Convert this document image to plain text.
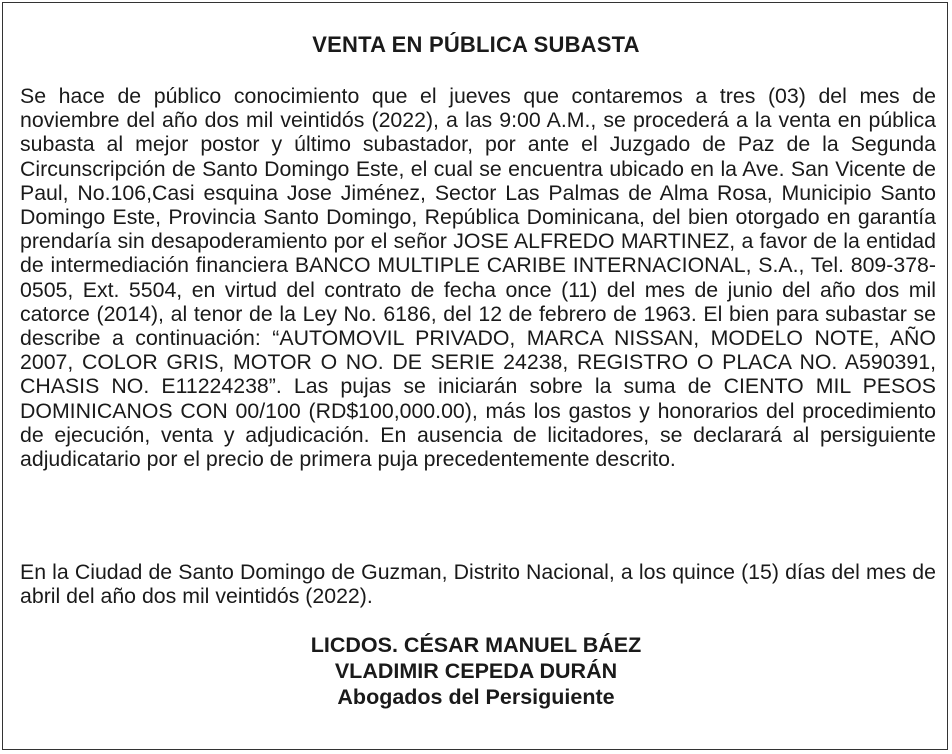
VENTA EN PÚBLICA SUBASTA

Se hace de público conocimiento que el jueves que contaremos a tres (03) del mes de noviembre del año dos mil veintidós (2022), a las 9:00 A.M., se procederá a la venta en pública subasta al mejor postor y último subastador, por ante el Juzgado de Paz de la Segunda Circunscripción de Santo Domingo Este, el cual se encuentra ubicado en la Ave. San Vicente de Paul, No.106,Casi esquina Jose Jiménez, Sector Las Palmas de Alma Rosa, Municipio Santo Domingo Este, Provincia Santo Domingo, República Dominicana, del bien otorgado en garantía prendaría sin desapoderamiento por el señor JOSE ALFREDO MARTINEZ, a favor de la entidad de intermediación financiera BANCO MULTIPLE CARIBE INTERNACIONAL, S.A., Tel. 809-378-0505, Ext. 5504, en virtud del contrato de fecha once (11) del mes de junio del año dos mil catorce (2014), al tenor de la Ley No. 6186, del 12 de febrero de 1963. El bien para subastar se describe a continuación: “AUTOMOVIL PRIVADO, MARCA NISSAN, MODELO NOTE, AÑO 2007, COLOR GRIS, MOTOR O NO. DE SERIE 24238, REGISTRO O PLACA NO. A590391, CHASIS NO. E11224238”. Las pujas se iniciarán sobre la suma de CIENTO MIL PESOS DOMINICANOS CON 00/100 (RD$100,000.00), más los gastos y honorarios del procedimiento de ejecución, venta y adjudicación. En ausencia de licitadores, se declarará al persiguiente adjudicatario por el precio de primera puja precedentemente descrito.

En la Ciudad de Santo Domingo de Guzman, Distrito Nacional, a los quince (15) días del mes de abril del año dos mil veintidós (2022).

LICDOS. CÉSAR MANUEL BÁEZ
VLADIMIR CEPEDA DURÁN
Abogados del Persiguiente
